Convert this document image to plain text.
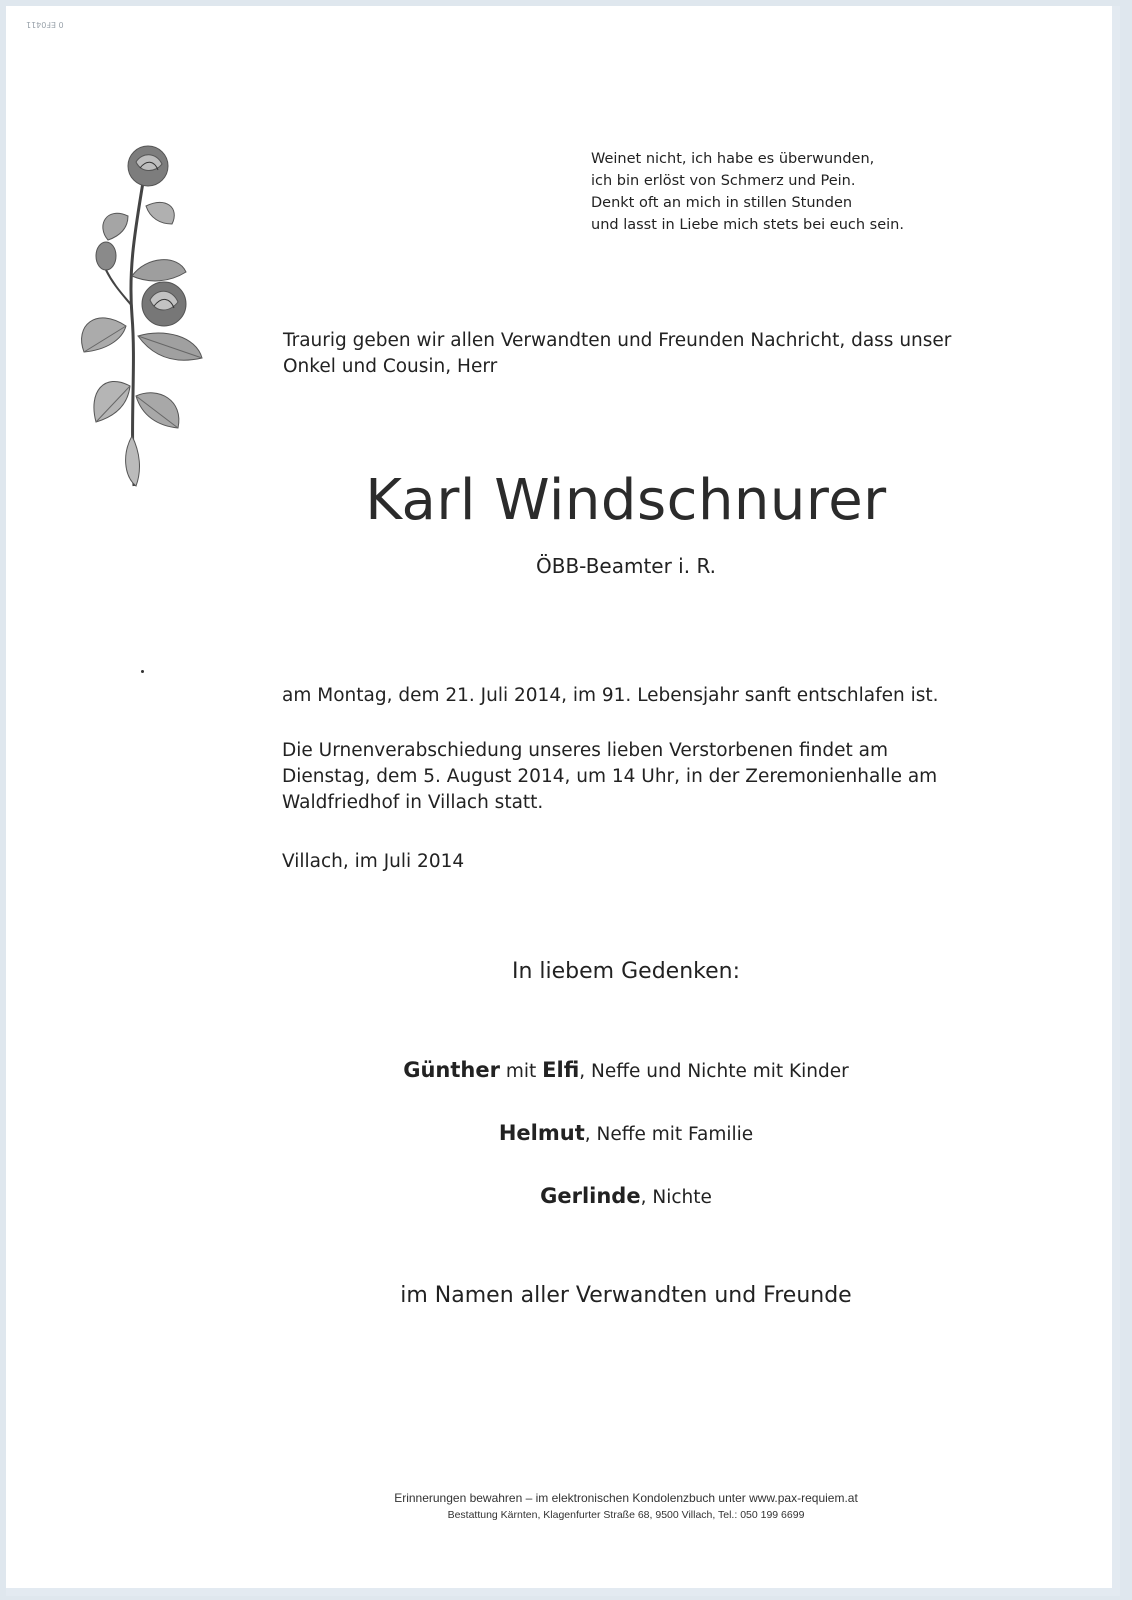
0 EF0411
Weinet nicht, ich habe es überwunden,
ich bin erlöst von Schmerz und Pein.
Denkt oft an mich in stillen Stunden
und lasst in Liebe mich stets bei euch sein.
Traurig geben wir allen Verwandten und Freunden Nachricht, dass unser Onkel und Cousin, Herr
Karl Windschnurer
ÖBB-Beamter i. R.
am Montag, dem 21. Juli 2014, im 91. Lebensjahr sanft entschlafen ist.
Die Urnenverabschiedung unseres lieben Verstorbenen findet am Dienstag, dem 5. August 2014, um 14 Uhr, in der Zeremonienhalle am Waldfriedhof in Villach statt.
Villach, im Juli 2014
In liebem Gedenken:
Günther mit Elfi, Neffe und Nichte mit Kinder
Helmut, Neffe mit Familie
Gerlinde, Nichte
im Namen aller Verwandten und Freunde
Erinnerungen bewahren – im elektronischen Kondolenzbuch unter www.pax-requiem.at
Bestattung Kärnten, Klagenfurter Straße 68, 9500 Villach, Tel.: 050 199 6699
